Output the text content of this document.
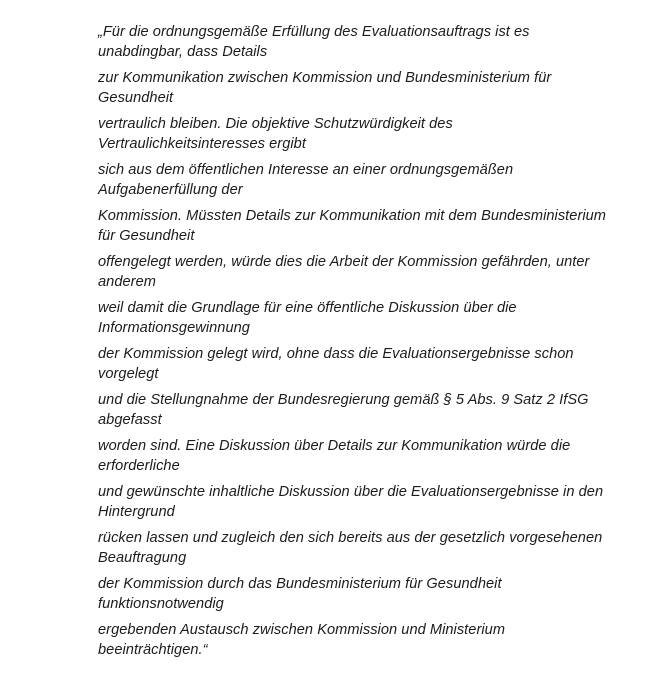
„Für die ordnungsgemäße Erfüllung des Evaluationsauftrags ist es
unabdingbar, dass Details
zur Kommunikation zwischen Kommission und Bundesministerium für
Gesundheit
vertraulich bleiben. Die objektive Schutzwürdigkeit des
Vertraulichkeitsinteresses ergibt
sich aus dem öffentlichen Interesse an einer ordnungsgemäßen
Aufgabenerfüllung der
Kommission. Müssten Details zur Kommunikation mit dem Bundesministerium
für Gesundheit
offengelegt werden, würde dies die Arbeit der Kommission gefährden, unter
anderem
weil damit die Grundlage für eine öffentliche Diskussion über die
Informationsgewinnung
der Kommission gelegt wird, ohne dass die Evaluationsergebnisse schon
vorgelegt
und die Stellungnahme der Bundesregierung gemäß § 5 Abs. 9 Satz 2 IfSG
abgefasst
worden sind. Eine Diskussion über Details zur Kommunikation würde die
erforderliche
und gewünschte inhaltliche Diskussion über die Evaluationsergebnisse in den
Hintergrund
rücken lassen und zugleich den sich bereits aus der gesetzlich vorgesehenen
Beauftragung
der Kommission durch das Bundesministerium für Gesundheit
funktionsnotwendig
ergebenden Austausch zwischen Kommission und Ministerium
beeinträchtigen.“
